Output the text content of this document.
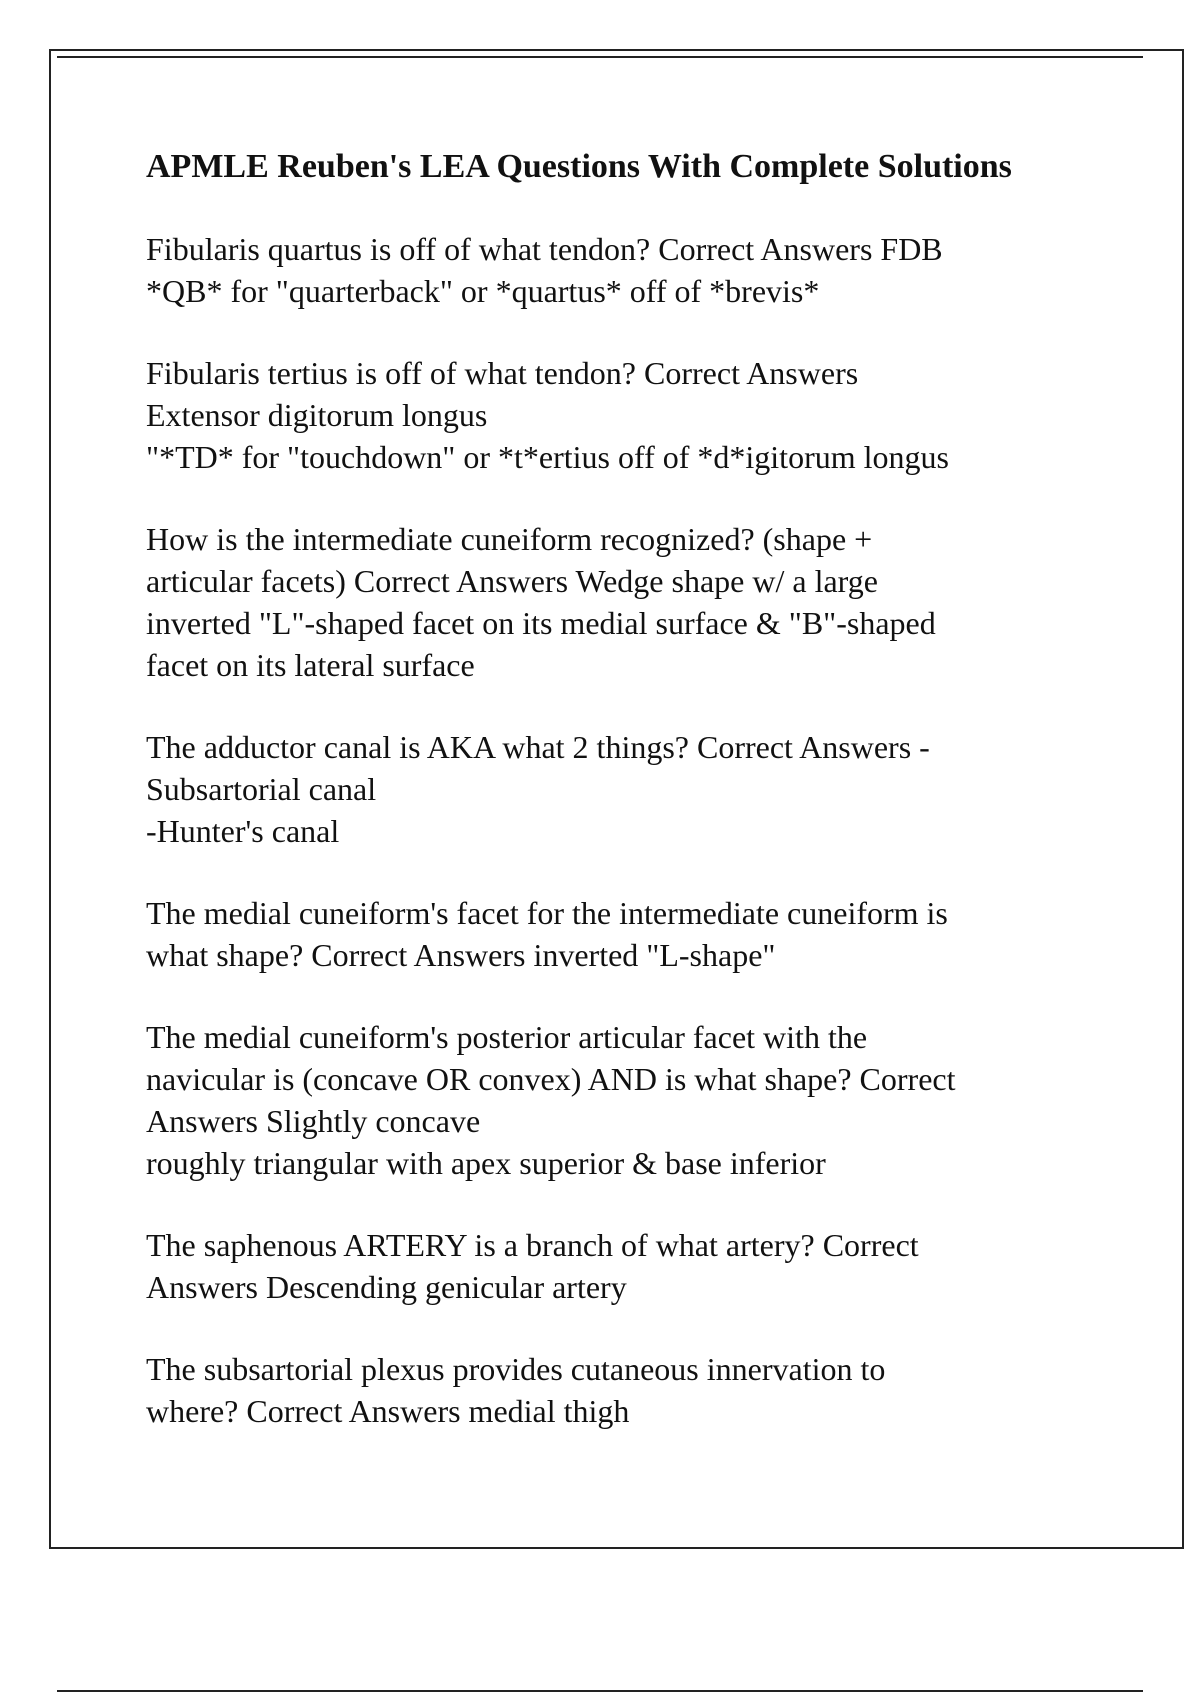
APMLE Reuben's LEA Questions With Complete Solutions
Fibularis quartus is off of what tendon? Correct Answers FDB
*QB* for "quarterback" or *quartus* off of *brevis*
Fibularis tertius is off of what tendon? Correct Answers
Extensor digitorum longus
"*TD* for "touchdown" or *t*ertius off of *d*igitorum longus
How is the intermediate cuneiform recognized? (shape +
articular facets) Correct Answers Wedge shape w/ a large
inverted "L"-shaped facet on its medial surface & "B"-shaped
facet on its lateral surface
The adductor canal is AKA what 2 things? Correct Answers -
Subsartorial canal
-Hunter's canal
The medial cuneiform's facet for the intermediate cuneiform is
what shape? Correct Answers inverted "L-shape"
The medial cuneiform's posterior articular facet with the
navicular is (concave OR convex) AND is what shape? Correct
Answers Slightly concave
roughly triangular with apex superior & base inferior
The saphenous ARTERY is a branch of what artery? Correct
Answers Descending genicular artery
The subsartorial plexus provides cutaneous innervation to
where? Correct Answers medial thigh
